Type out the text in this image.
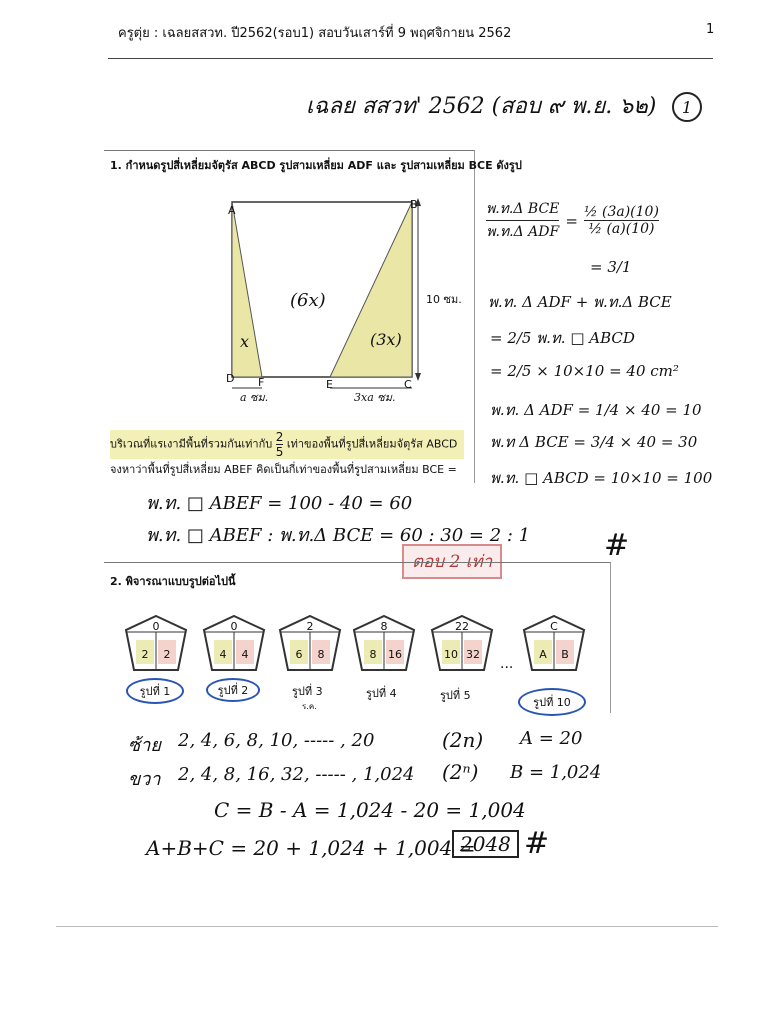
ครูตุ่ย : เฉลยสสวท. ปี2562(รอบ1) สอบวันเสาร์ที่ 9 พฤศจิกายน 2562	1
เฉลย สสวท' 2562 (สอบ ๙ พ.ย. ๖๒)	1
1. กำหนดรูปสี่เหลี่ยมจัตุรัส ABCD รูปสามเหลี่ยม ADF และ รูปสามเหลี่ยม BCE ดังรูป
A	B
D F	E	C
10 ซม.
(6x)
x	(3x)
a ซม.	3xa ซม.
บริเวณที่แรเงามีพื้นที่รวมกันเท่ากับ $\frac{2}{5}$ เท่าของพื้นที่รูปสี่เหลี่ยมจัตุรัส ABCD
จงหาว่าพื้นที่รูปสี่เหลี่ยม ABEF คิดเป็นกี่เท่าของพื้นที่รูปสามเหลี่ยม BCE =
$\frac{\text{พ.ท.Δ BCE}}{\text{พ.ท.Δ ADF}} = \frac{\text{½ (3a)(10)}}{\text{½ (a)(10)}}$
= 3/1
พ.ท. Δ ADF + พ.ท.Δ BCE
= 2/5 พ.ท. □ ABCD
= 2/5 × 10×10 = 40 cm²
พ.ท. Δ ADF = 1/4 × 40 = 10
พ.ท Δ BCE = 3/4 × 40 = 30
พ.ท. □ ABCD = 10×10 = 100
พ.ท. □ ABEF = 100 - 40 = 60
พ.ท. □ ABEF : พ.ท.Δ BCE = 60 : 30 = 2 : 1
ตอบ 2 เท่า	#
2. พิจารณาแบบรูปต่อไปนี้
0
2	2
0
4	4
2
6	8
8
8	16
22
10 32
C
A	B
...
รูปที่ 1	รูปที่ 2	รูปที่ 3
ร.ค.
รูปที่ 4	รูปที่ 5
รูปที่ 10
ซ้าย 2, 4, 6, 8, 10, ----- , 20	(2n) A = 20
ขวา 2, 4, 8, 16, 32, ----- , 1,024 (2ⁿ) B = 1,024
C = B - A = 1,024 - 20 = 1,004
A+B+C = 20 + 1,024 + 1,004 =
2048 #
